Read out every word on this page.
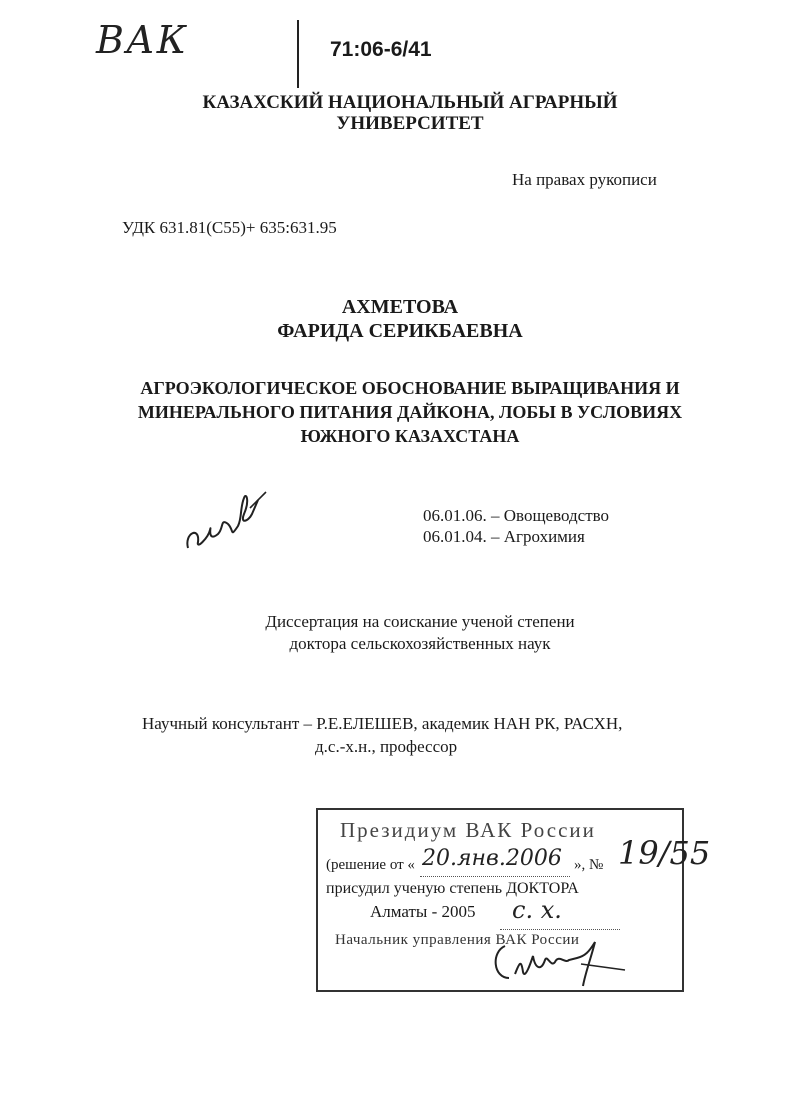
ВАК	71:06-6/41
КАЗАХСКИЙ НАЦИОНАЛЬНЫЙ АГРАРНЫЙ
УНИВЕРСИТЕТ
На правах рукописи
УДК 631.81(С55)+ 635:631.95
АХМЕТОВА
ФАРИДА СЕРИКБАЕВНА
АГРОЭКОЛОГИЧЕСКОЕ ОБОСНОВАНИЕ ВЫРАЩИВАНИЯ И
МИНЕРАЛЬНОГО ПИТАНИЯ ДАЙКОНА, ЛОБЫ В УСЛОВИЯХ
ЮЖНОГО КАЗАХСТАНА
06.01.06. – Овощеводство
06.01.04. – Агрохимия
Диссертация на соискание ученой степени
доктора сельскохозяйственных наук
Научный консультант – Р.Е.ЕЛЕШЕВ, академик НАН РК, РАСХН,
д.с.-х.н., профессор
Президиум ВАК России
(решение от « 20.янв.2006 », № 19/55
присудил ученую степень ДОКТОРА
Алматы - 2005 с. х.
Начальник управления ВАК России
